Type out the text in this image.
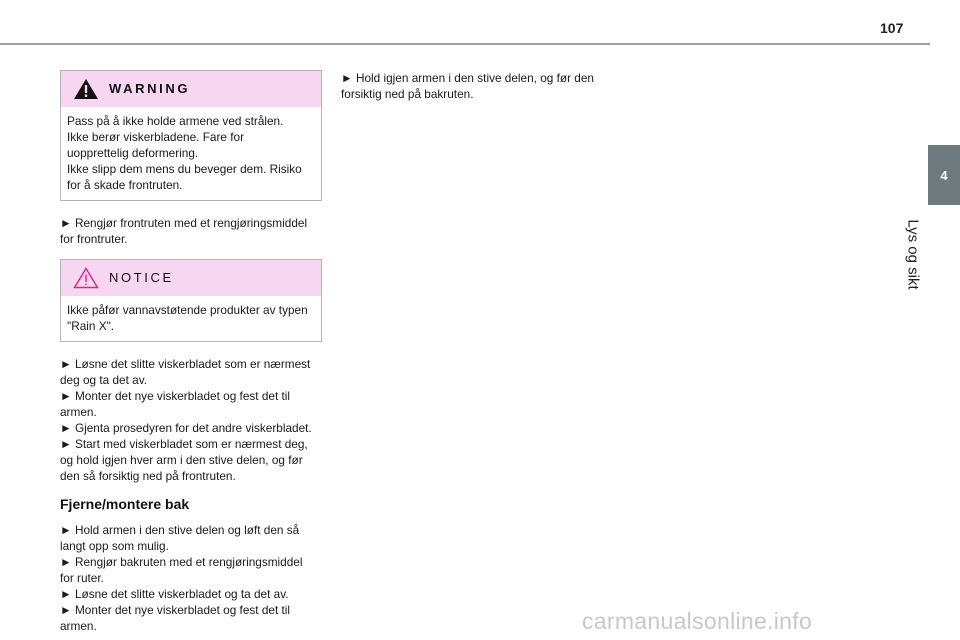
107
4
Lys og sikt
WARNING

Pass på å ikke holde armene ved strålen.

Ikke berør viskerbladene. Fare for

uopprettelig deformering.

Ikke slipp dem mens du beveger dem. Risiko

for å skade frontruten.

► Rengjør frontruten med et rengjøringsmiddel

for frontruter.

NOTICE

Ikke påfør vannavstøtende produkter av typen

"Rain X".

► Løsne det slitte viskerbladet som er nærmest

deg og ta det av.

► Monter det nye viskerbladet og fest det til

armen.

► Gjenta prosedyren for det andre viskerbladet.

► Start med viskerbladet som er nærmest deg,

og hold igjen hver arm i den stive delen, og før

den så forsiktig ned på frontruten.

Fjerne/montere bak

► Hold armen i den stive delen og løft den så

langt opp som mulig.

► Rengjør bakruten med et rengjøringsmiddel

for ruter.

► Løsne det slitte viskerbladet og ta det av.

► Monter det nye viskerbladet og fest det til

armen.

► Hold igjen armen i den stive delen, og før den

forsiktig ned på bakruten.

carmanualsonline.info
